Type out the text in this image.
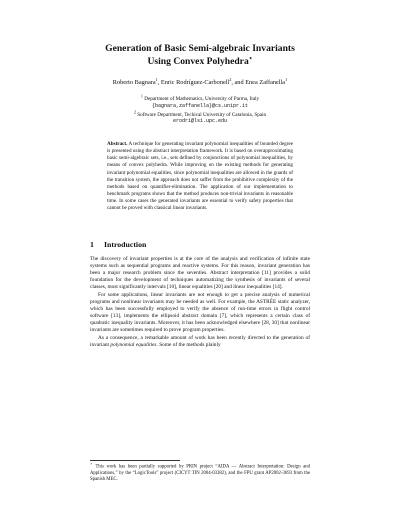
Generation of Basic Semi-algebraic Invariants
Using Convex Polyhedra⋆
Roberto Bagnara$^1$, Enric Rodríguez-Carbonell$^2$, and Enea Zaffanella$^1$
$^1$ Department of Mathematics, University of Parma, Italy
{bagnara,zaffanella}@cs.unipr.it
$^2$ Software Department, Techical University of Catalonia, Spain
erodri@lsi.upc.edu
Abstract. A technique for generating invariant polynomial inequalities of bounded degree is presented using the abstract interpretation framework. It is based on overapproximating basic semi-algebraic sets, i.e., sets defined by conjunctions of polynomial inequalities, by means of convex polyhedra. While improving on the existing methods for generating invariant polynomial equalities, since polynomial inequalities are allowed in the guards of the transition system, the approach does not suffer from the prohibitive complexity of the methods based on quantifier-elimination. The application of our implementation to benchmark programs shows that the method produces non-trivial invariants in reasonable time. In some cases the generated invariants are essential to verify safety properties that cannot be proved with classical linear invariants.
1 Introduction

The discovery of invariant properties is at the core of the analysis and verification of infinite state systems such as sequential programs and reactive systems. For this reason, invariant generation has been a major research problem since the seventies. Abstract interpretation [11] provides a solid foundation for the development of techniques automatizing the synthesis of invariants of several classes, most significantly intervals [10], linear equalities [20] and linear inequalities [14].

For some applications, linear invariants are not enough to get a precise analysis of numerical programs and nonlinear invariants may be needed as well. For example, the ASTRÉE static analyzer, which has been successfully employed to verify the absence of run-time errors in flight control software [13], implements the ellipsoid abstract domain [7], which represents a certain class of quadratic inequality invariants. Moreover, it has been acknowledged elsewhere [28, 30] that nonlinear invariants are sometimes required to prove program properties.

As a consequence, a remarkable amount of work has been recently directed to the generation of invariant polynomial equalities. Some of the methods plainly

⋆This work has been partially supported by PRIN project “AIDA — Abstract Interpretation: Design and Applications,” by the “LogicTools” project (CICYT TIN 2004-03382), and the FPU grant AP2002-3693 from the Spanish MEC.
